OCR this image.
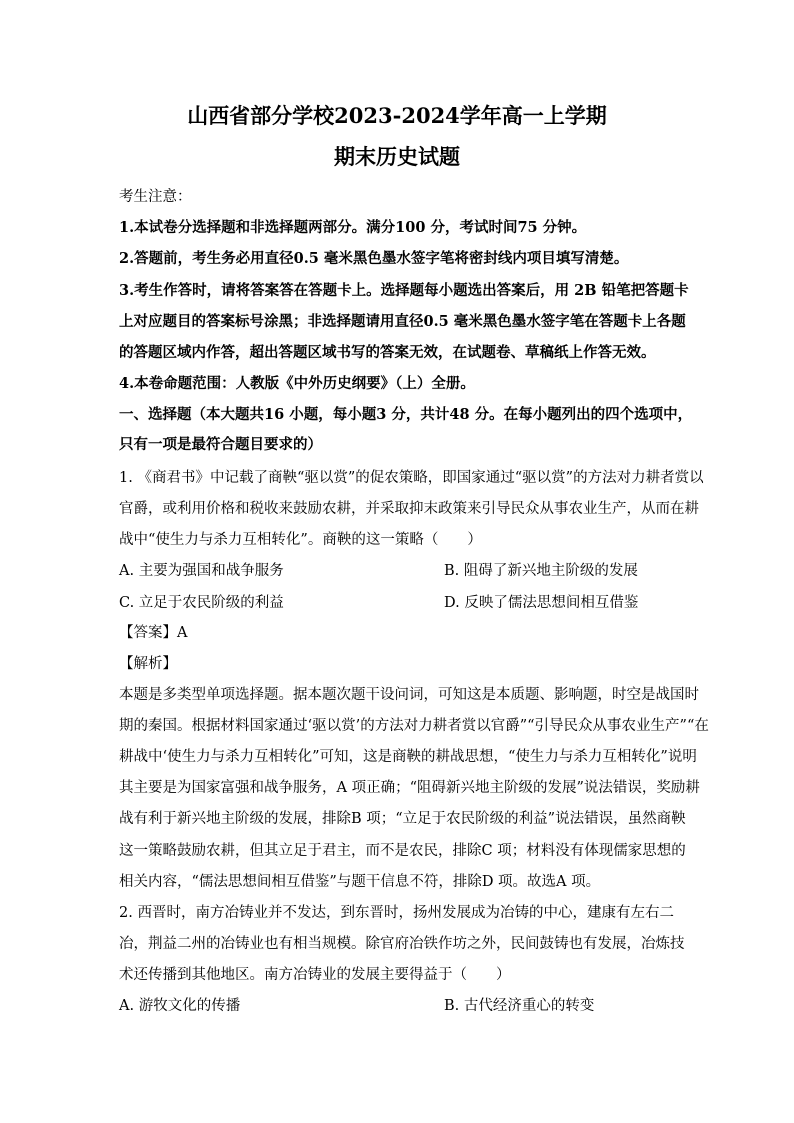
山西省部分学校2023-2024学年高一上学期
期末历史试题
考生注意：
1.本试卷分选择题和非选择题两部分。满分100 分，考试时间75 分钟。
2.答题前，考生务必用直径0.5 毫米黑色墨水签字笔将密封线内项目填写清楚。
3.考生作答时，请将答案答在答题卡上。选择题每小题选出答案后，用 2B 铅笔把答题卡
上对应题目的答案标号涂黑；非选择题请用直径0.5 毫米黑色墨水签字笔在答题卡上各题
的答题区域内作答，超出答题区域书写的答案无效，在试题卷、草稿纸上作答无效。
4.本卷命题范围：人教版《中外历史纲要》（上）全册。
一、选择题（本大题共16 小题，每小题3 分，共计48 分。在每小题列出的四个选项中，
只有一项是最符合题目要求的）
1. 《商君书》中记载了商鞅“驱以赏”的促农策略，即国家通过“驱以赏”的方法对力耕者赏以
官爵，或利用价格和税收来鼓励农耕，并采取抑末政策来引导民众从事农业生产，从而在耕
战中“使生力与杀力互相转化”。商鞅的这一策略（　　）
A. 主要为强国和战争服务	B. 阻碍了新兴地主阶级的发展
C. 立足于农民阶级的利益	D. 反映了儒法思想间相互借鉴
【答案】A
【解析】
本题是多类型单项选择题。据本题次题干设问词，可知这是本质题、影响题，时空是战国时
期的秦国。根据材料国家通过‘驱以赏’的方法对力耕者赏以官爵”“引导民众从事农业生产”“在
耕战中‘使生力与杀力互相转化”可知，这是商鞅的耕战思想，“使生力与杀力互相转化”说明
其主要是为国家富强和战争服务，A 项正确；“阻碍新兴地主阶级的发展”说法错误，奖励耕
战有利于新兴地主阶级的发展，排除B 项；“立足于农民阶级的利益”说法错误，虽然商鞅
这一策略鼓励农耕，但其立足于君主，而不是农民，排除C 项；材料没有体现儒家思想的
相关内容，“儒法思想间相互借鉴”与题干信息不符，排除D 项。故选A 项。
2. 西晋时，南方冶铸业并不发达，到东晋时，扬州发展成为冶铸的中心，建康有左右二
冶，荆益二州的冶铸业也有相当规模。除官府冶铁作坊之外，民间鼓铸也有发展，冶炼技
术还传播到其他地区。南方冶铸业的发展主要得益于（　　）
A. 游牧文化的传播	B. 古代经济重心的转变
